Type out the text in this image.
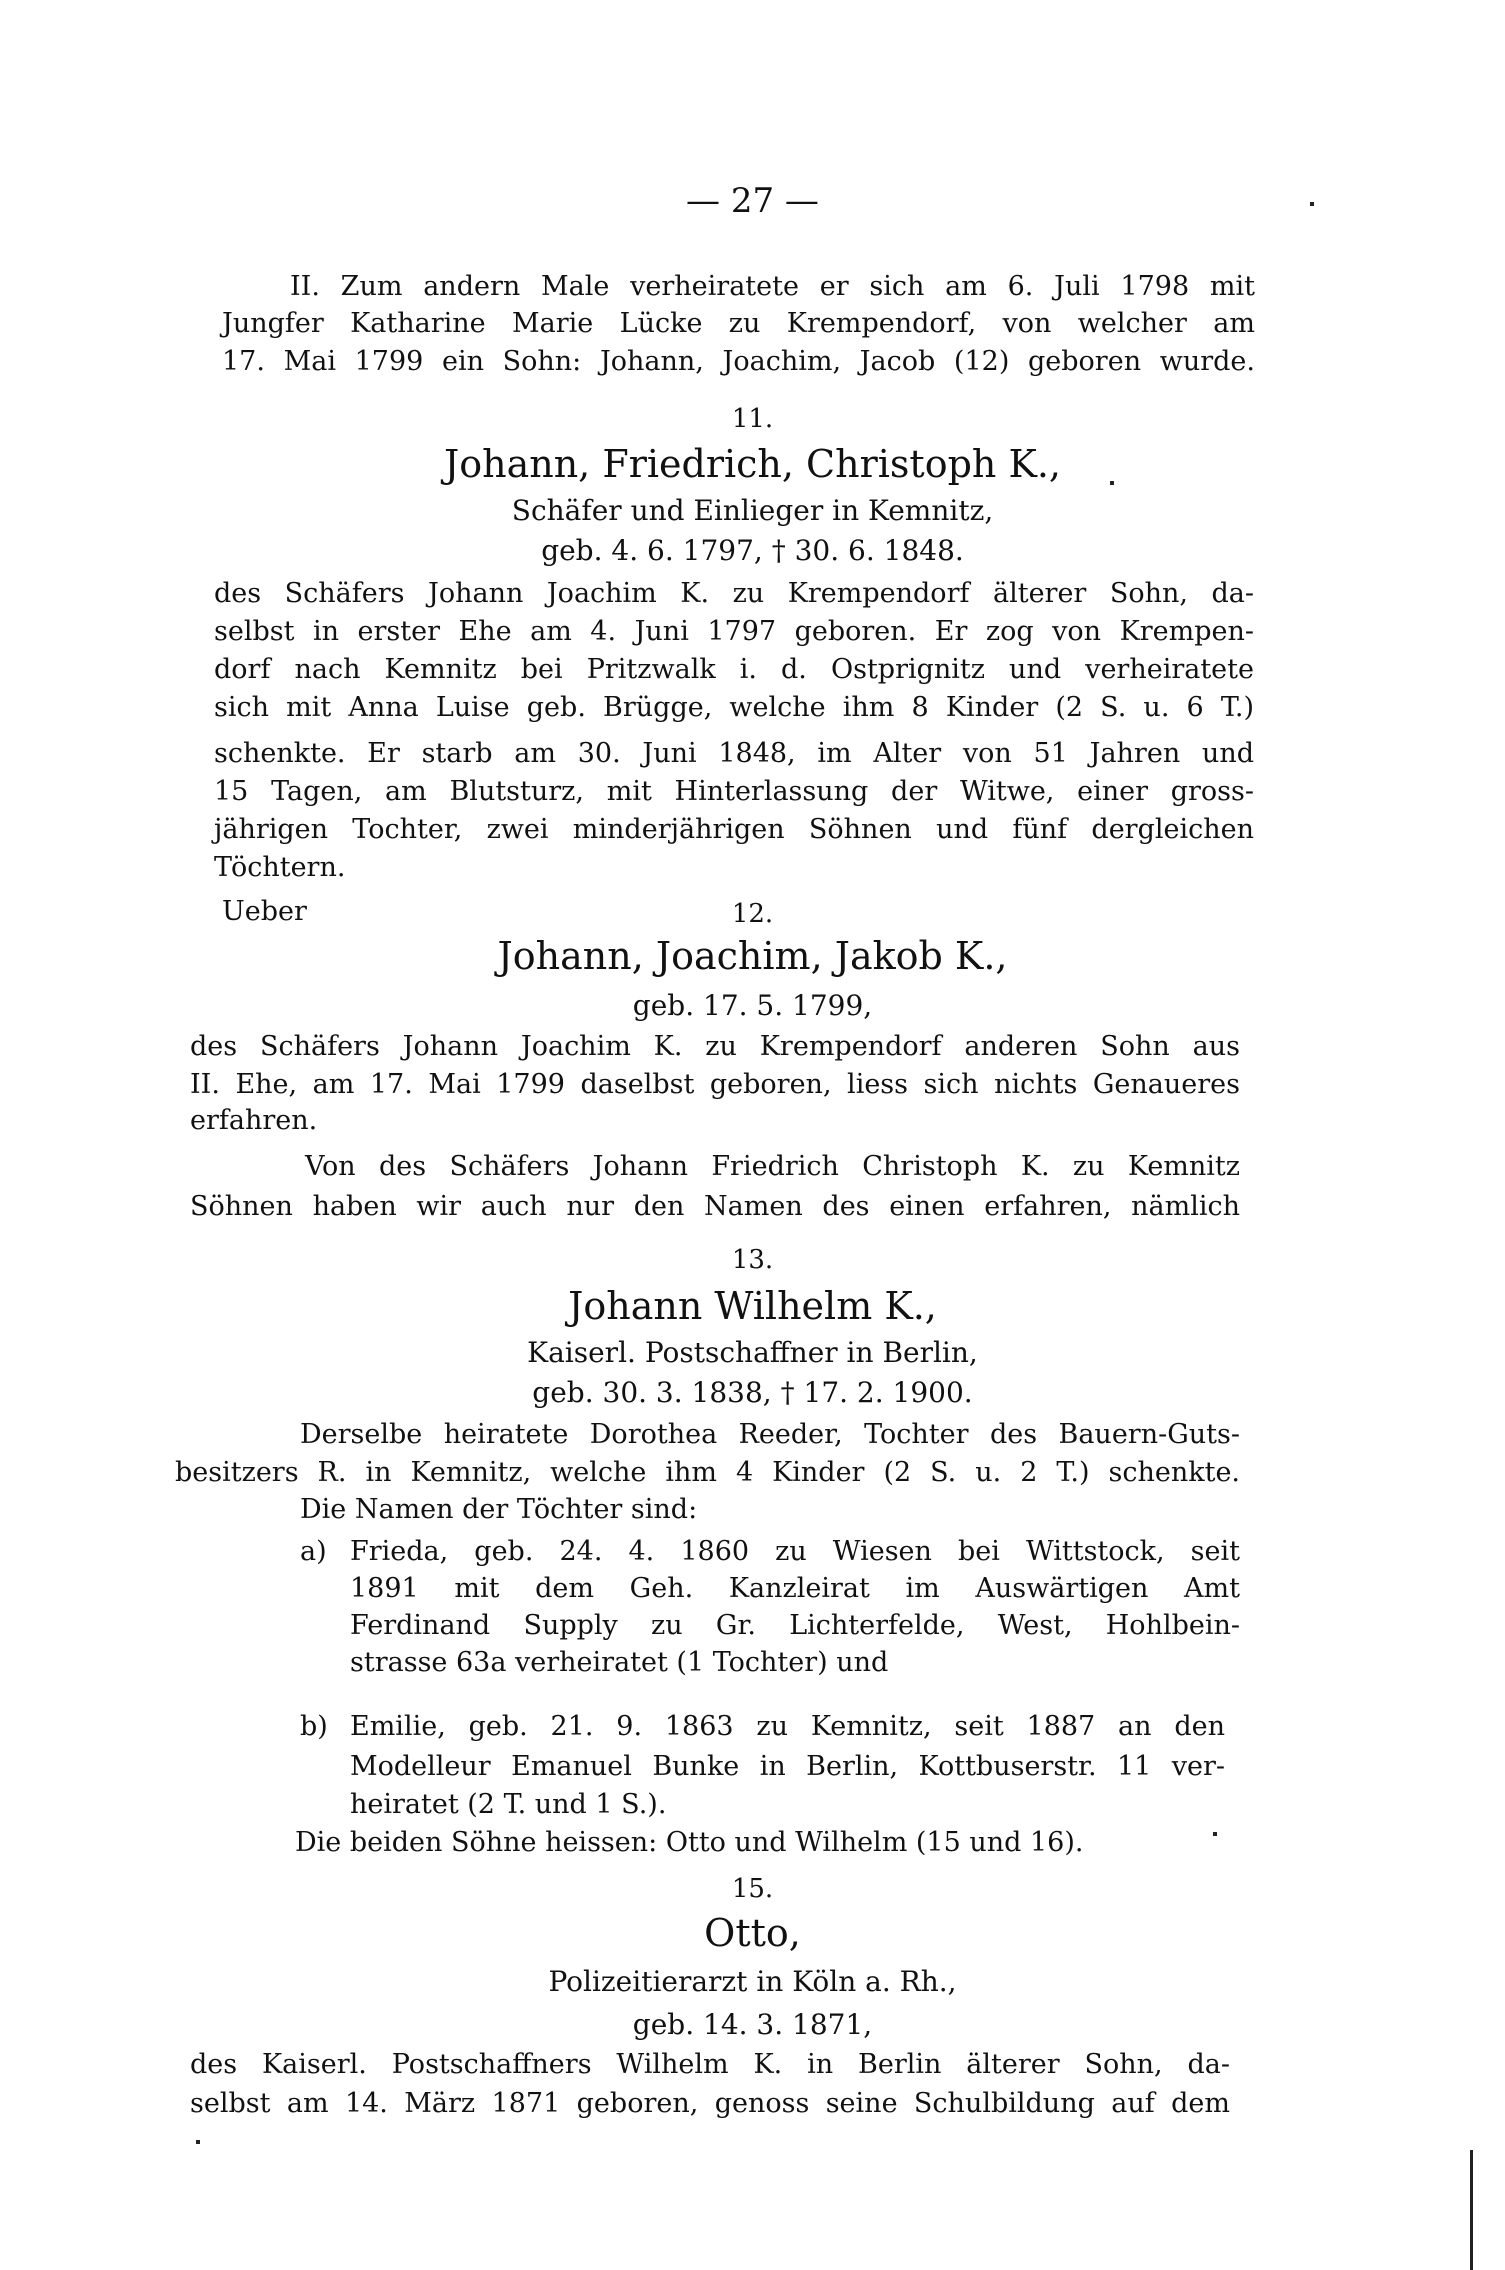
— 27 —
II. Zum andern Male verheiratete er sich am 6. Juli 1798 mit
Jungfer Katharine Marie Lücke zu Krempendorf, von welcher am
17. Mai 1799 ein Sohn: Johann, Joachim, Jacob (12) geboren wurde.
11.
Johann, Friedrich, Christoph K.,
Schäfer und Einlieger in Kemnitz,
geb. 4. 6. 1797, † 30. 6. 1848.
des Schäfers Johann Joachim K. zu Krempendorf älterer Sohn, da-
selbst in erster Ehe am 4. Juni 1797 geboren. Er zog von Krempen-
dorf nach Kemnitz bei Pritzwalk i. d. Ostprignitz und verheiratete
sich mit Anna Luise geb. Brügge, welche ihm 8 Kinder (2 S. u. 6 T.)
schenkte. Er starb am 30. Juni 1848, im Alter von 51 Jahren und
15 Tagen, am Blutsturz, mit Hinterlassung der Witwe, einer gross-
jährigen Tochter, zwei minderjährigen Söhnen und fünf dergleichen
Töchtern.
Ueber	12.
Johann, Joachim, Jakob K.,
geb. 17. 5. 1799,
des Schäfers Johann Joachim K. zu Krempendorf anderen Sohn aus
II. Ehe, am 17. Mai 1799 daselbst geboren, liess sich nichts Genaueres
erfahren.
Von des Schäfers Johann Friedrich Christoph K. zu Kemnitz
Söhnen haben wir auch nur den Namen des einen erfahren, nämlich
13.
Johann Wilhelm K.,
Kaiserl. Postschaffner in Berlin,
geb. 30. 3. 1838, † 17. 2. 1900.
Derselbe heiratete Dorothea Reeder, Tochter des Bauern-Guts-
besitzers R. in Kemnitz, welche ihm 4 Kinder (2 S. u. 2 T.) schenkte.
Die Namen der Töchter sind:
a) Frieda, geb. 24. 4. 1860 zu Wiesen bei Wittstock, seit
1891 mit dem Geh. Kanzleirat im Auswärtigen Amt
Ferdinand Supply zu Gr. Lichterfelde, West, Hohlbein-
strasse 63a verheiratet (1 Tochter) und
b) Emilie, geb. 21. 9. 1863 zu Kemnitz, seit 1887 an den
Modelleur Emanuel Bunke in Berlin, Kottbuserstr. 11 ver-
heiratet (2 T. und 1 S.).
Die beiden Söhne heissen: Otto und Wilhelm (15 und 16).
15.
Otto,
Polizeitierarzt in Köln a. Rh.,
geb. 14. 3. 1871,
des Kaiserl. Postschaffners Wilhelm K. in Berlin älterer Sohn, da-
selbst am 14. März 1871 geboren, genoss seine Schulbildung auf dem
